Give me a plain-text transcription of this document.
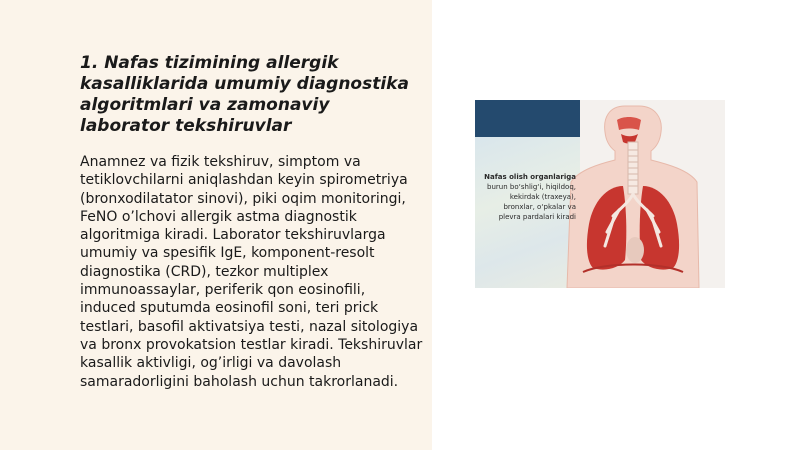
1. Nafas tizimining allergik kasalliklarida umumiy diagnostika algoritmlari va zamonaviy laborator tekshiruvlar

Anamnez va fizik tekshiruv, simptom va tetiklovchilarni aniqlashdan keyin spirometriya (bronxodilatator sinovi), piki oqim monitoringi, FeNO o’lchovi allergik astma diagnostik algoritmiga kiradi. Laborator tekshiruvlarga umumiy va spesifik IgE, komponent-resolt diagnostika (CRD), tezkor multiplex immunoassaylar, periferik qon eosinofili, induced sputumda eosinofil soni, teri prick testlari, basofil aktivatsiya testi, nazal sitologiya va bronx provokatsion testlar kiradi. Tekshiruvlar kasallik aktivligi, og’irligi va davolash samaradorligini baholash uchun takrorlanadi.

Nafas olish organlariga burun bo‘shlig‘i, hiqildoq, kekirdak (traxeya), bronxlar, o‘pkalar va plevra pardalari kiradi
